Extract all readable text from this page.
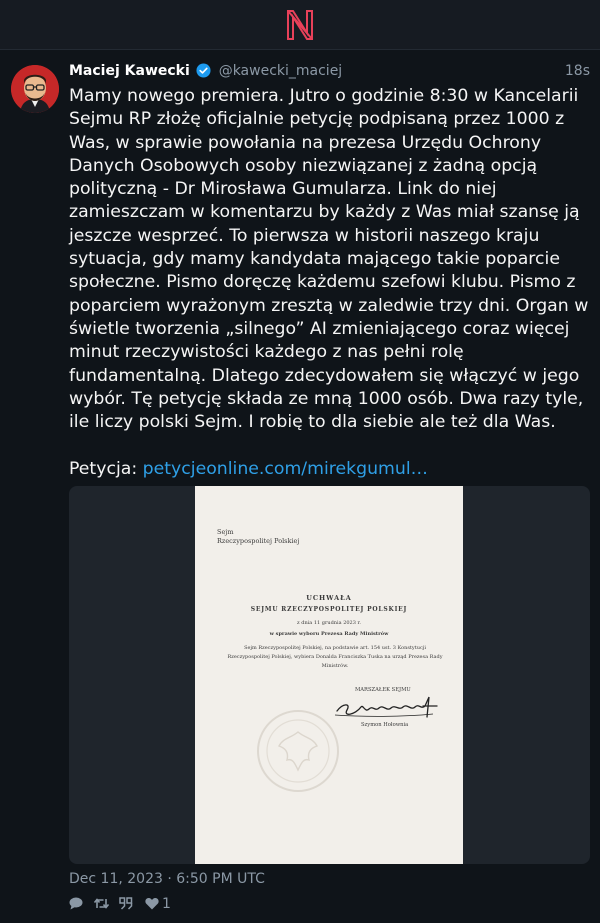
Maciej Kawecki @kawecki_maciej	18s

Mamy nowego premiera. Jutro o godzinie 8:30 w Kancelarii Sejmu RP złożę oficjalnie petycję podpisaną przez 1000 z Was, w sprawie powołania na prezesa Urzędu Ochrony Danych Osobowych osoby niezwiązanej z żadną opcją polityczną - Dr Mirosława Gumularza. Link do niej zamieszczam w komentarzu by każdy z Was miał szansę ją jeszcze wesprzeć. To pierwsza w historii naszego kraju sytuacja, gdy mamy kandydata mającego takie poparcie społeczne. Pismo doręczę każdemu szefowi klubu. Pismo z poparciem wyrażonym zresztą w zaledwie trzy dni. Organ w świetle tworzenia „silnego” AI zmieniającego coraz więcej minut rzeczywistości każdego z nas pełni rolę fundamentalną. Dlatego zdecydowałem się włączyć w jego wybór. Tę petycję składa ze mną 1000 osób. Dwa razy tyle, ile liczy polski Sejm. I robię to dla siebie ale też dla Was.

Petycja: petycjeonline.com/mirekgumul…

Sejm
Rzeczypospolitej Polskiej
UCHWAŁA
SEJMU RZECZYPOSPOLITEJ POLSKIEJ
z dnia 11 grudnia 2023 r.
w sprawie wyboru Prezesa Rady Ministrów
Sejm Rzeczypospolitej Polskiej, na podstawie art. 154 ust. 3 Konstytucji Rzeczypospolitej Polskiej, wybiera Donalda Franciszka Tuska na urząd Prezesa Rady Ministrów.
MARSZAŁEK SEJMU
Szymon Hołownia
Dec 11, 2023 · 6:50 PM UTC
1
